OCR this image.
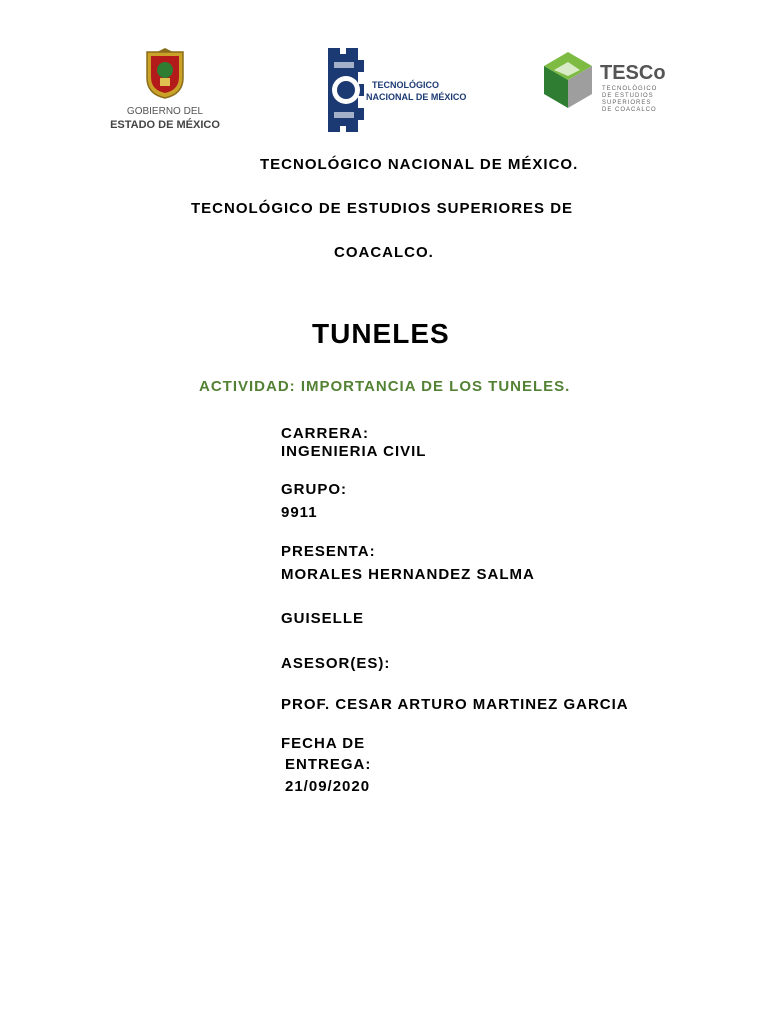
GOBIERNO DEL
ESTADO DE MÉXICO
TECNOLÓGICO
NACIONAL DE MÉXICO
TESCo
TECNOLÓGICO
DE ESTUDIOS
SUPERIORES
DE COACALCO
TECNOLÓGICO NACIONAL DE MÉXICO.
TECNOLÓGICO DE ESTUDIOS SUPERIORES DE
COACALCO.
TUNELES
ACTIVIDAD: IMPORTANCIA DE LOS TUNELES.
CARRERA:
INGENIERIA CIVIL
GRUPO:
9911
PRESENTA:
MORALES HERNANDEZ SALMA
GUISELLE
ASESOR(ES):
PROF. CESAR ARTURO MARTINEZ GARCIA
FECHA DE
ENTREGA:
21/09/2020
